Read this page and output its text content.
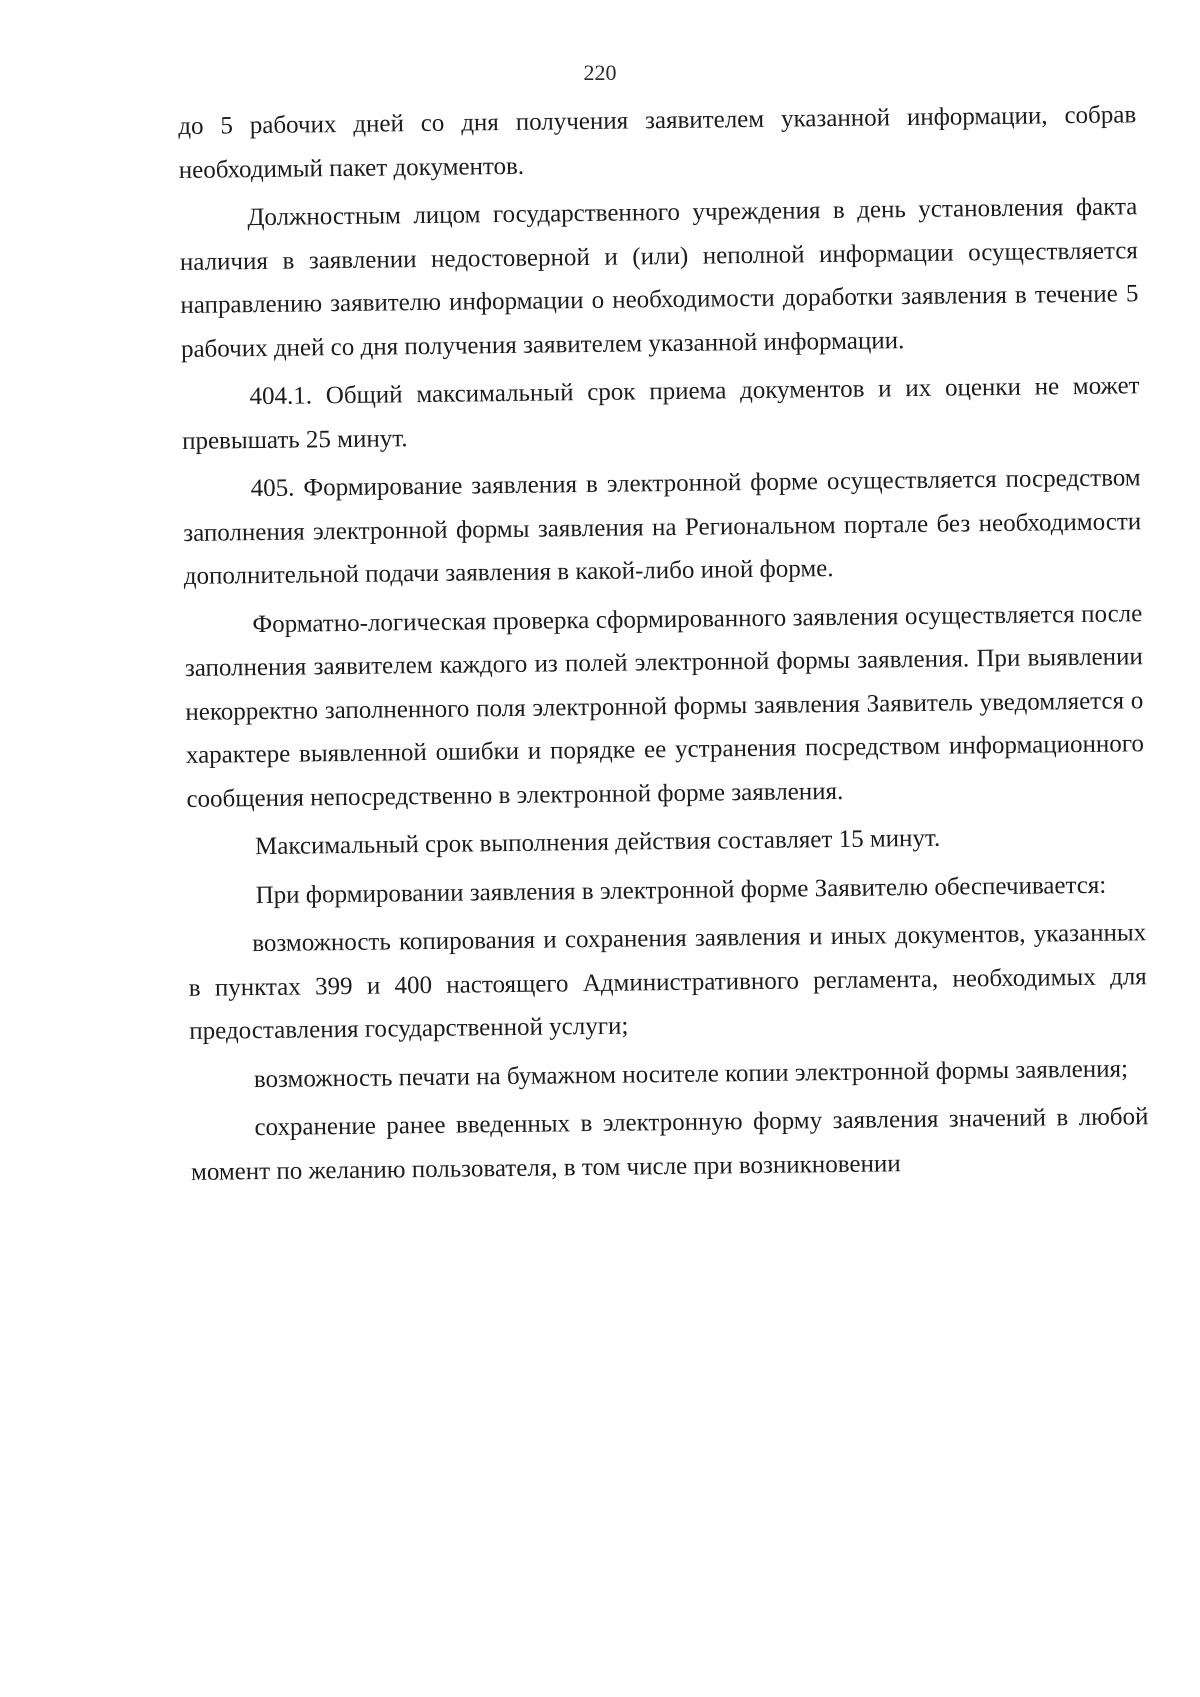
220

до 5 рабочих дней со дня получения заявителем указанной информации, собрав необходимый пакет документов.

Должностным лицом государственного учреждения в день установления факта наличия в заявлении недостоверной и (или) неполной информации осуществляется направлению заявителю информации о необходимости доработки заявления в течение 5 рабочих дней со дня получения заявителем указанной информации.

404.1. Общий максимальный срок приема документов и их оценки не может превышать 25 минут.

405. Формирование заявления в электронной форме осуществляется посредством заполнения электронной формы заявления на Региональном портале без необходимости дополнительной подачи заявления в какой-либо иной форме.

Форматно-логическая проверка сформированного заявления осуществляется после заполнения заявителем каждого из полей электронной формы заявления. При выявлении некорректно заполненного поля электронной формы заявления Заявитель уведомляется о характере выявленной ошибки и порядке ее устранения посредством информационного сообщения непосредственно в электронной форме заявления.

Максимальный срок выполнения действия составляет 15 минут.

При формировании заявления в электронной форме Заявителю обеспечивается:

возможность копирования и сохранения заявления и иных документов, указанных в пунктах 399 и 400 настоящего Административного регламента, необходимых для предоставления государственной услуги;

возможность печати на бумажном носителе копии электронной формы заявления;

сохранение ранее введенных в электронную форму заявления значений в любой момент по желанию пользователя, в том числе при возникновении
